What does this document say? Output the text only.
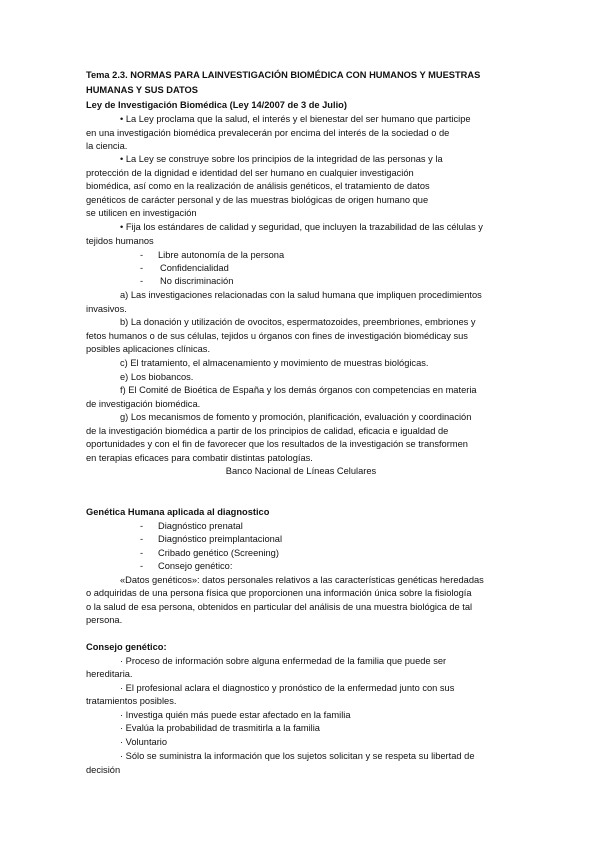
Tema 2.3. NORMAS PARA LAINVESTIGACIÓN BIOMÉDICA CON HUMANOS Y MUESTRAS
HUMANAS Y SUS DATOS
Ley de Investigación Biomédica (Ley 14/2007 de 3 de Julio)
• La Ley proclama que la salud, el interés y el bienestar del ser humano que participe
en una investigación biomédica prevalecerán por encima del interés de la sociedad o de
la ciencia.
• La Ley se construye sobre los principios de la integridad de las personas y la
protección de la dignidad e identidad del ser humano en cualquier investigación
biomédica, así como en la realización de análisis genéticos, el tratamiento de datos
genéticos de carácter personal y de las muestras biológicas de origen humano que
se utilicen en investigación
• Fija los estándares de calidad y seguridad, que incluyen la trazabilidad de las células y
tejidos humanos
- Libre autonomía de la persona
- Confidencialidad
- No discriminación
a) Las investigaciones relacionadas con la salud humana que impliquen procedimientos
invasivos.
b) La donación y utilización de ovocitos, espermatozoides, preembriones, embriones y
fetos humanos o de sus células, tejidos u órganos con fines de investigación biomédicay sus
posibles aplicaciones clínicas.
c) El tratamiento, el almacenamiento y movimiento de muestras biológicas.
e) Los biobancos.
f) El Comité de Bioética de España y los demás órganos con competencias en materia
de investigación biomédica.
g) Los mecanismos de fomento y promoción, planificación, evaluación y coordinación
de la investigación biomédica a partir de los principios de calidad, eficacia e igualdad de
oportunidades y con el fin de favorecer que los resultados de la investigación se transformen
en terapias eficaces para combatir distintas patologías.
Banco Nacional de Líneas Celulares
Genética Humana aplicada al diagnostico
- Diagnóstico prenatal
- Diagnóstico preimplantacional
- Cribado genético (Screening)
- Consejo genético:
«Datos genéticos»: datos personales relativos a las características genéticas heredadas
o adquiridas de una persona física que proporcionen una información única sobre la fisiología
o la salud de esa persona, obtenidos en particular del análisis de una muestra biológica de tal
persona.
Consejo genético:
· Proceso de información sobre alguna enfermedad de la familia que puede ser
hereditaria.
· El profesional aclara el diagnostico y pronóstico de la enfermedad junto con sus
tratamientos posibles.
· Investiga quién más puede estar afectado en la familia
· Evalúa la probabilidad de trasmitirla a la familia
· Voluntario
· Sólo se suministra la información que los sujetos solicitan y se respeta su libertad de
decisión
